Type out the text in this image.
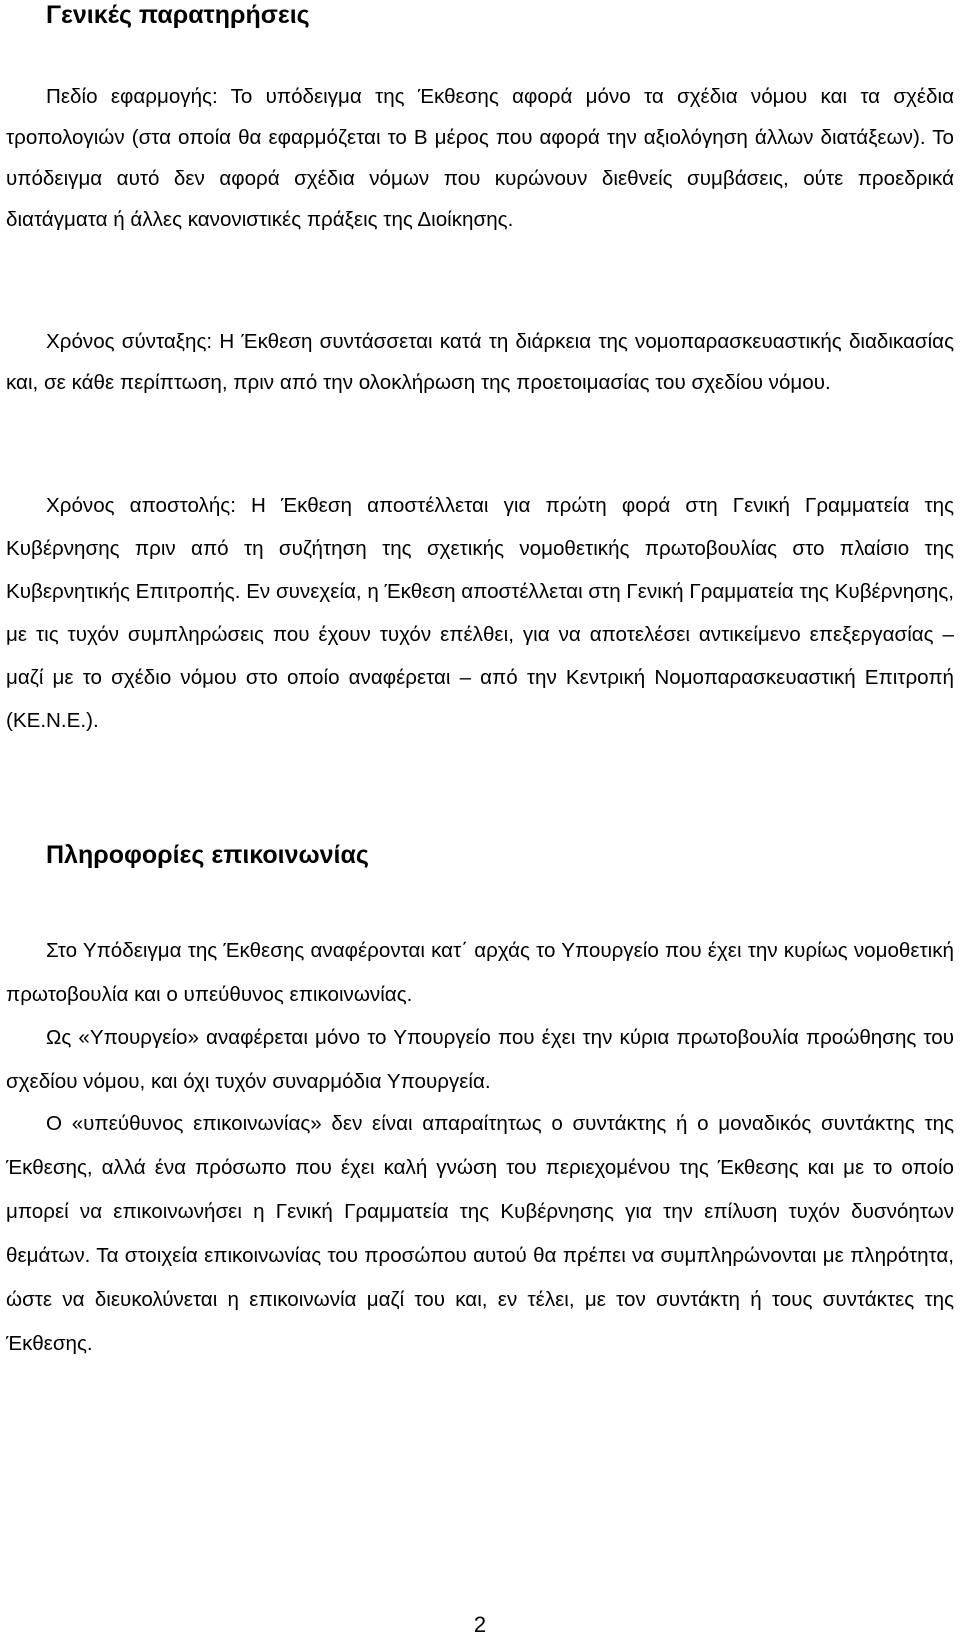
Γενικές παρατηρήσεις

Πεδίο εφαρμογής: Το υπόδειγμα της Έκθεσης αφορά μόνο τα σχέδια νόμου και τα σχέδια τροπολογιών (στα οποία θα εφαρμόζεται το Β μέρος που αφορά την αξιολόγηση άλλων διατάξεων). Το υπόδειγμα αυτό δεν αφορά σχέδια νόμων που κυρώνουν διεθνείς συμβάσεις, ούτε προεδρικά διατάγματα ή άλλες κανονιστικές πράξεις της Διοίκησης.

Χρόνος σύνταξης: Η Έκθεση συντάσσεται κατά τη διάρκεια της νομοπαρασκευαστικής διαδικασίας και, σε κάθε περίπτωση, πριν από την ολοκλήρωση της προετοιμασίας του σχεδίου νόμου.

Χρόνος αποστολής: Η Έκθεση αποστέλλεται για πρώτη φορά στη Γενική Γραμματεία της Κυβέρνησης πριν από τη συζήτηση της σχετικής νομοθετικής πρωτοβουλίας στο πλαίσιο της Κυβερνητικής Επιτροπής. Εν συνεχεία, η Έκθεση αποστέλλεται στη Γενική Γραμματεία της Κυβέρνησης, με τις τυχόν συμπληρώσεις που έχουν τυχόν επέλθει, για να αποτελέσει αντικείμενο επεξεργασίας – μαζί με το σχέδιο νόμου στο οποίο αναφέρεται – από την Κεντρική Νομοπαρασκευαστική Επιτροπή (ΚΕ.Ν.Ε.).

Πληροφορίες επικοινωνίας

Στο Υπόδειγμα της Έκθεσης αναφέρονται κατ΄ αρχάς το Υπουργείο που έχει την κυρίως νομοθετική πρωτοβουλία και ο υπεύθυνος επικοινωνίας.

Ως «Υπουργείο» αναφέρεται μόνο το Υπουργείο που έχει την κύρια πρωτοβουλία προώθησης του σχεδίου νόμου, και όχι τυχόν συναρμόδια Υπουργεία.

Ο «υπεύθυνος επικοινωνίας» δεν είναι απαραίτητως ο συντάκτης ή ο μοναδικός συντάκτης της Έκθεσης, αλλά ένα πρόσωπο που έχει καλή γνώση του περιεχομένου της Έκθεσης και με το οποίο μπορεί να επικοινωνήσει η Γενική Γραμματεία της Κυβέρνησης για την επίλυση τυχόν δυσνόητων θεμάτων. Τα στοιχεία επικοινωνίας του προσώπου αυτού θα πρέπει να συμπληρώνονται με πληρότητα, ώστε να διευκολύνεται η επικοινωνία μαζί του και, εν τέλει, με τον συντάκτη ή τους συντάκτες της Έκθεσης.

2
